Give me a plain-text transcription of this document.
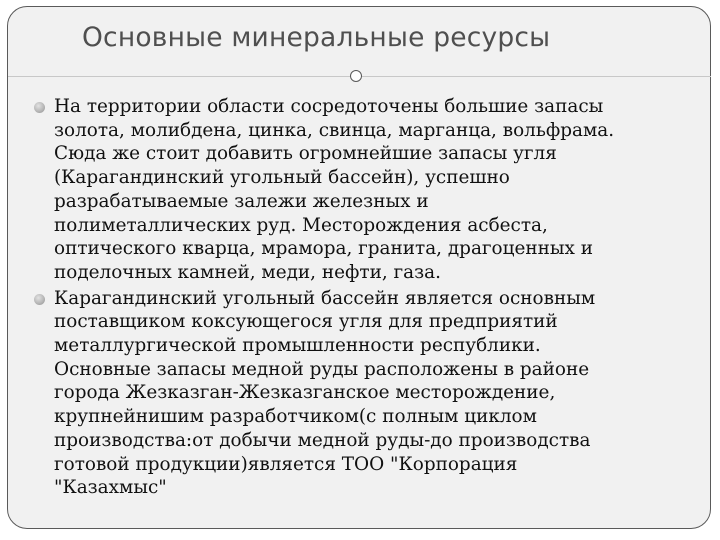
Основные минеральные ресурсы
На территории области сосредоточены большие запасы
золота, молибдена, цинка, свинца, марганца, вольфрама.
Сюда же стоит добавить огромнейшие запасы угля
(Карагандинский угольный бассейн), успешно
разрабатываемые залежи железных и
полиметаллических руд. Месторождения асбеста,
оптического кварца, мрамора, гранита, драгоценных и
поделочных камней, меди, нефти, газа.
Карагандинский угольный бассейн является основным
поставщиком коксующегося угля для предприятий
металлургической промышленности республики.
Основные запасы медной руды расположены в районе
города Жезказган-Жезказганское месторождение,
крупнейнишим разработчиком(с полным циклом
производства:от добычи медной руды-до производства
готовой продукции)является ТОО "Корпорация
"Казахмыс"
